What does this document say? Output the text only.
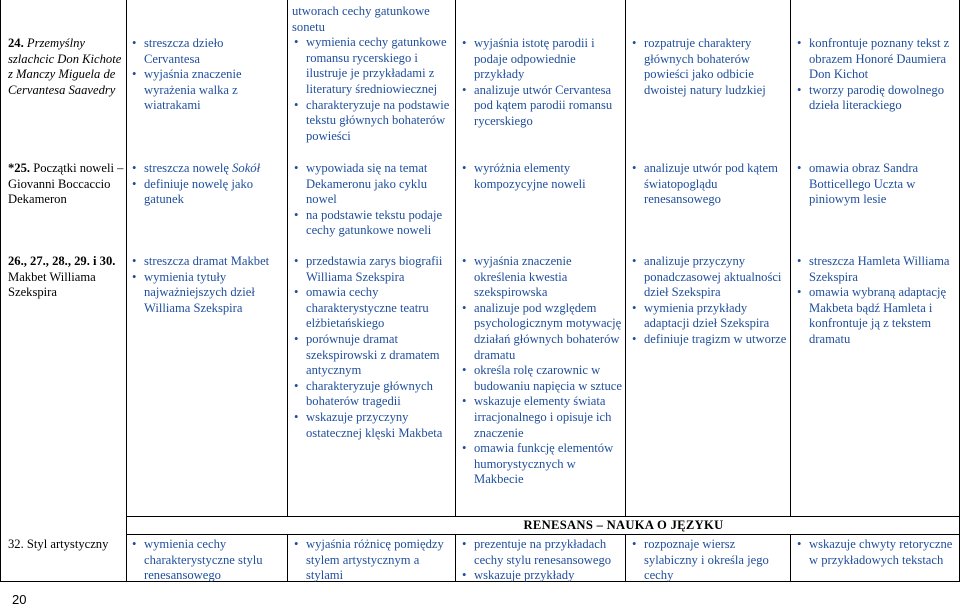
24. Przemyślny szlachcic Don Kichote z Manczy Miguela de Cervantesa Saavedry
*25. Początki noweli – Giovanni Boccaccio Dekameron
26., 27., 28., 29. i 30. Makbet Williama Szekspira
32. Styl artystyczny
• streszcza dzieło Cervantesa
• wyjaśnia znaczenie wyrażenia walka z wiatrakami
• streszcza nowelę Sokół
• definiuje nowelę jako gatunek
• streszcza dramat Makbet
• wymienia tytuły najważniejszych dzieł Williama Szekspira
• wymienia cechy charakterystyczne stylu renesansowego
utworach cechy gatunkowe sonetu
• wymienia cechy gatunkowe romansu rycerskiego i ilustruje je przykładami z literatury średniowiecznej
• charakteryzuje na podstawie tekstu głównych bohaterów powieści
• wypowiada się na temat Dekameronu jako cyklu nowel
• na podstawie tekstu podaje cechy gatunkowe noweli
• przedstawia zarys biografii Williama Szekspira
• omawia cechy charakterystyczne teatru elżbietańskiego
• porównuje dramat szekspirowski z dramatem antycznym
• charakteryzuje głównych bohaterów tragedii
• wskazuje przyczyny ostatecznej klęski Makbeta
• wyjaśnia różnicę pomiędzy stylem artystycznym a stylami
• wyjaśnia istotę parodii i podaje odpowiednie przykłady
• analizuje utwór Cervantesa pod kątem parodii romansu rycerskiego
• wyróżnia elementy kompozycyjne noweli
• wyjaśnia znaczenie określenia kwestia szekspirowska
• analizuje pod względem psychologicznym motywację działań głównych bohaterów dramatu
• określa rolę czarownic w budowaniu napięcia w sztuce
• wskazuje elementy świata irracjonalnego i opisuje ich znaczenie
• omawia funkcję elementów humorystycznych w Makbecie
• prezentuje na przykładach cechy stylu renesansowego
• wskazuje przykłady
• rozpatruje charaktery głównych bohaterów powieści jako odbicie dwoistej natury ludzkiej
• analizuje utwór pod kątem światopoglądu renesansowego
• analizuje przyczyny ponadczasowej aktualności dzieł Szekspira
• wymienia przykłady adaptacji dzieł Szekspira
• definiuje tragizm w utworze
• rozpoznaje wiersz sylabiczny i określa jego cechy
• konfrontuje poznany tekst z obrazem Honoré Daumiera Don Kichot
• tworzy parodię dowolnego dzieła literackiego
• omawia obraz Sandra Botticellego Uczta w piniowym lesie
• streszcza Hamleta Williama Szekspira
• omawia wybraną adaptację Makbeta bądź Hamleta i konfrontuje ją z tekstem dramatu
• wskazuje chwyty retoryczne w przykładowych tekstach
RENESANS – NAUKA O JĘZYKU
20
